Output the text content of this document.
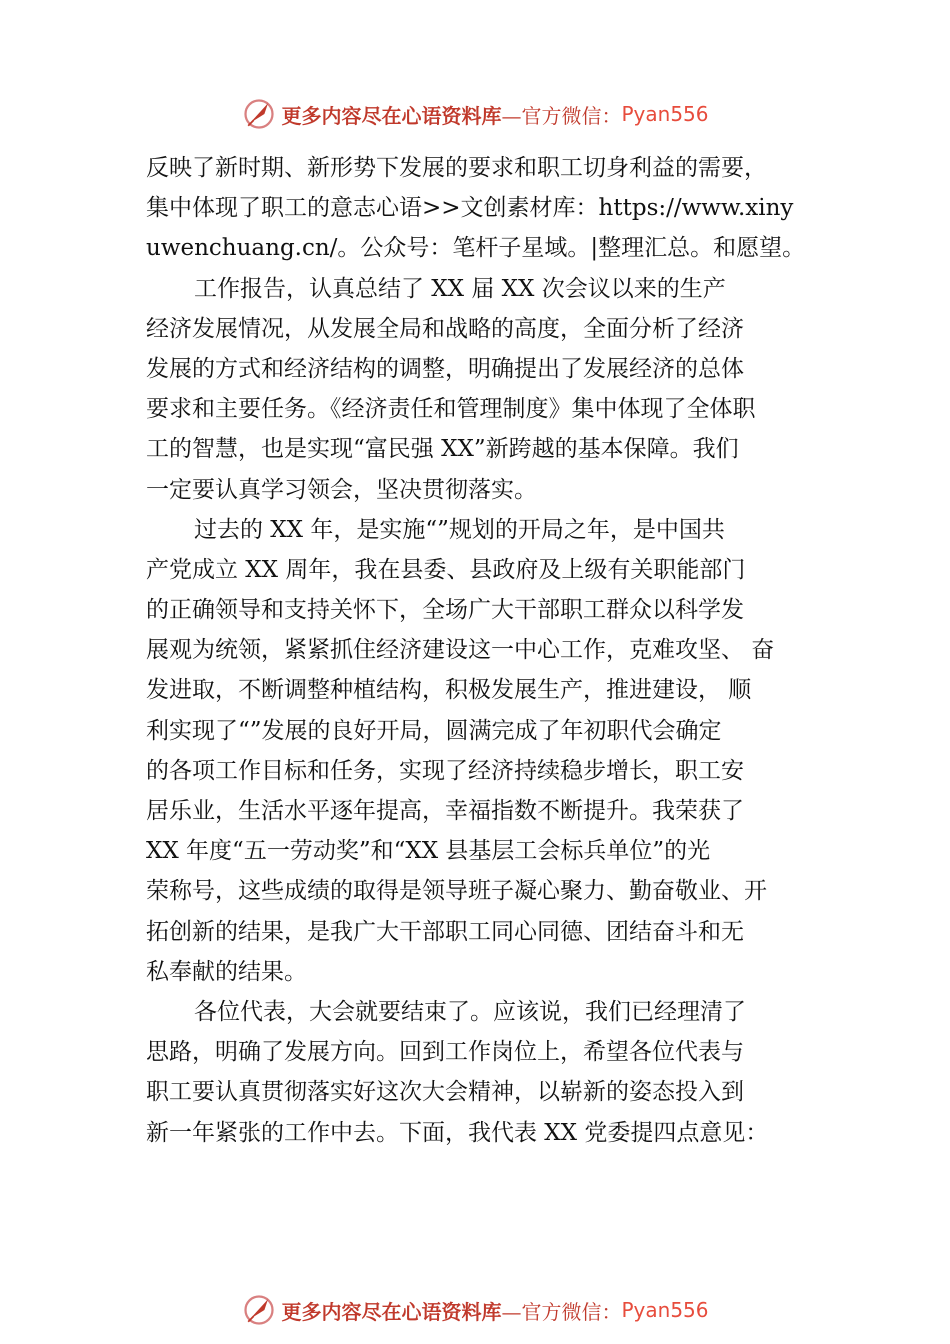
更多内容尽在心语资料库 —官方微信： Pyan556
反映了新时期、新形势下发展的要求和职工切身利益的需要，
集中体现了职工的意志心语>>文创素材库：https://www.xiny
uwenchuang.cn/。公众号：笔杆子星域。|整理汇总。和愿望。
工作报告，认真总结了 XX 届 XX 次会议以来的生产
经济发展情况，从发展全局和战略的高度，全面分析了经济
发展的方式和经济结构的调整，明确提出了发展经济的总体
要求和主要任务。《经济责任和管理制度》集中体现了全体职
工的智慧，也是实现“富民强 XX”新跨越的基本保障。我们
一定要认真学习领会，坚决贯彻落实。
过去的 XX 年，是实施“”规划的开局之年，是中国共
产党成立 XX 周年，我在县委、县政府及上级有关职能部门
的正确领导和支持关怀下，全场广大干部职工群众以科学发
展观为统领，紧紧抓住经济建设这一中心工作，克难攻坚、 奋
发进取，不断调整种植结构，积极发展生产，推进建设， 顺
利实现了“”发展的良好开局，圆满完成了年初职代会确定
的各项工作目标和任务，实现了经济持续稳步增长，职工安
居乐业，生活水平逐年提高，幸福指数不断提升。我荣获了
XX 年度“五一劳动奖”和“XX 县基层工会标兵单位”的光
荣称号，这些成绩的取得是领导班子凝心聚力、勤奋敬业、开
拓创新的结果，是我广大干部职工同心同德、团结奋斗和无
私奉献的结果。
各位代表，大会就要结束了。应该说，我们已经理清了
思路，明确了发展方向。回到工作岗位上，希望各位代表与
职工要认真贯彻落实好这次大会精神，以崭新的姿态投入到
新一年紧张的工作中去。下面，我代表 XX 党委提四点意见：
更多内容尽在心语资料库 —官方微信： Pyan556
